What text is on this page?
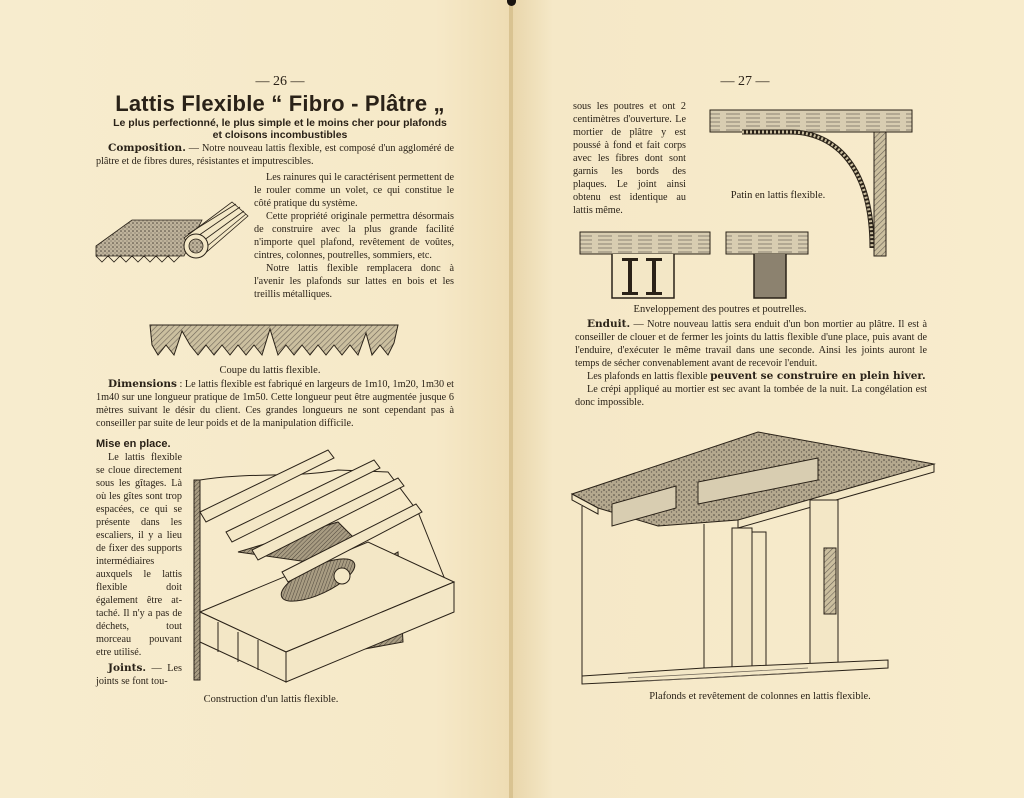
— 26 —
Lattis Flexible “ Fibro - Plâtre „
Le plus perfectionné, le plus simple et le moins cher pour plafonds
et cloisons incombustibles

Composition. — Notre nouveau lattis flexible, est composé d'un aggloméré de plâtre et de fibres dures, résistantes et imputrescibles.

Les rainures qui le caractérisent permettent de le rouler comme un volet, ce qui constitue le côté pratique du système.

Cette propriété originale permettra désormais de construire avec la plus grande facilité n'importe quel plafond, revêtement de voûtes, cintres, colonnes, poutrelles, sommiers, etc.

Notre lattis flexible remplacera donc à l'avenir les plafonds sur lattes en bois et les treillis métalliques.

Coupe du lattis flexible.

Dimensions : Le lattis flexible est fabriqué en largeurs de 1m10, 1m20, 1m30 et 1m40 sur une longueur pratique de 1m50. Cette longueur peut être augmentée jusque 6 mètres suivant le désir du client. Ces grandes longueurs ne sont cependant pas à conseiller par suite de leur poids et de la manipulation difficile.

Mise en place.

Le lattis flexible se cloue directement sous les gîtages. Là où les gîtes sont trop espacées, ce qui se présente dans les escaliers, il y a lieu de fixer des supports intermédiaires auxquels le lattis flexible doit également être attaché. Il n'y a pas de déchets, tout morceau pouvant etre utilisé.

Joints. — Les joints se font tou-

Construction d'un lattis flexible.
— 27 —

sous les poutres et ont 2 centimètres d'ouverture. Le mortier de plâtre y est poussé à fond et fait corps avec les fibres dont sont garnis les bords des plaques. Le joint ainsi obtenu est identique au lattis même.

Patin en lattis flexible.
Enveloppement des poutres et poutrelles.

Enduit. — Notre nouveau lattis sera enduit d'un bon mortier au plâtre. Il est à conseiller de clouer et de fermer les joints du lattis flexible d'une place, puis avant de l'enduire, d'exécuter le même travail dans une seconde. Ainsi les joints auront le temps de sécher convenablement avant de recevoir l'enduit.

Les plafonds en lattis flexible peuvent se construire en plein hiver.

Le crépi appliqué au mortier est sec avant la tombée de la nuit. La congélation est donc impossible.

Plafonds et revêtement de colonnes en lattis flexible.
